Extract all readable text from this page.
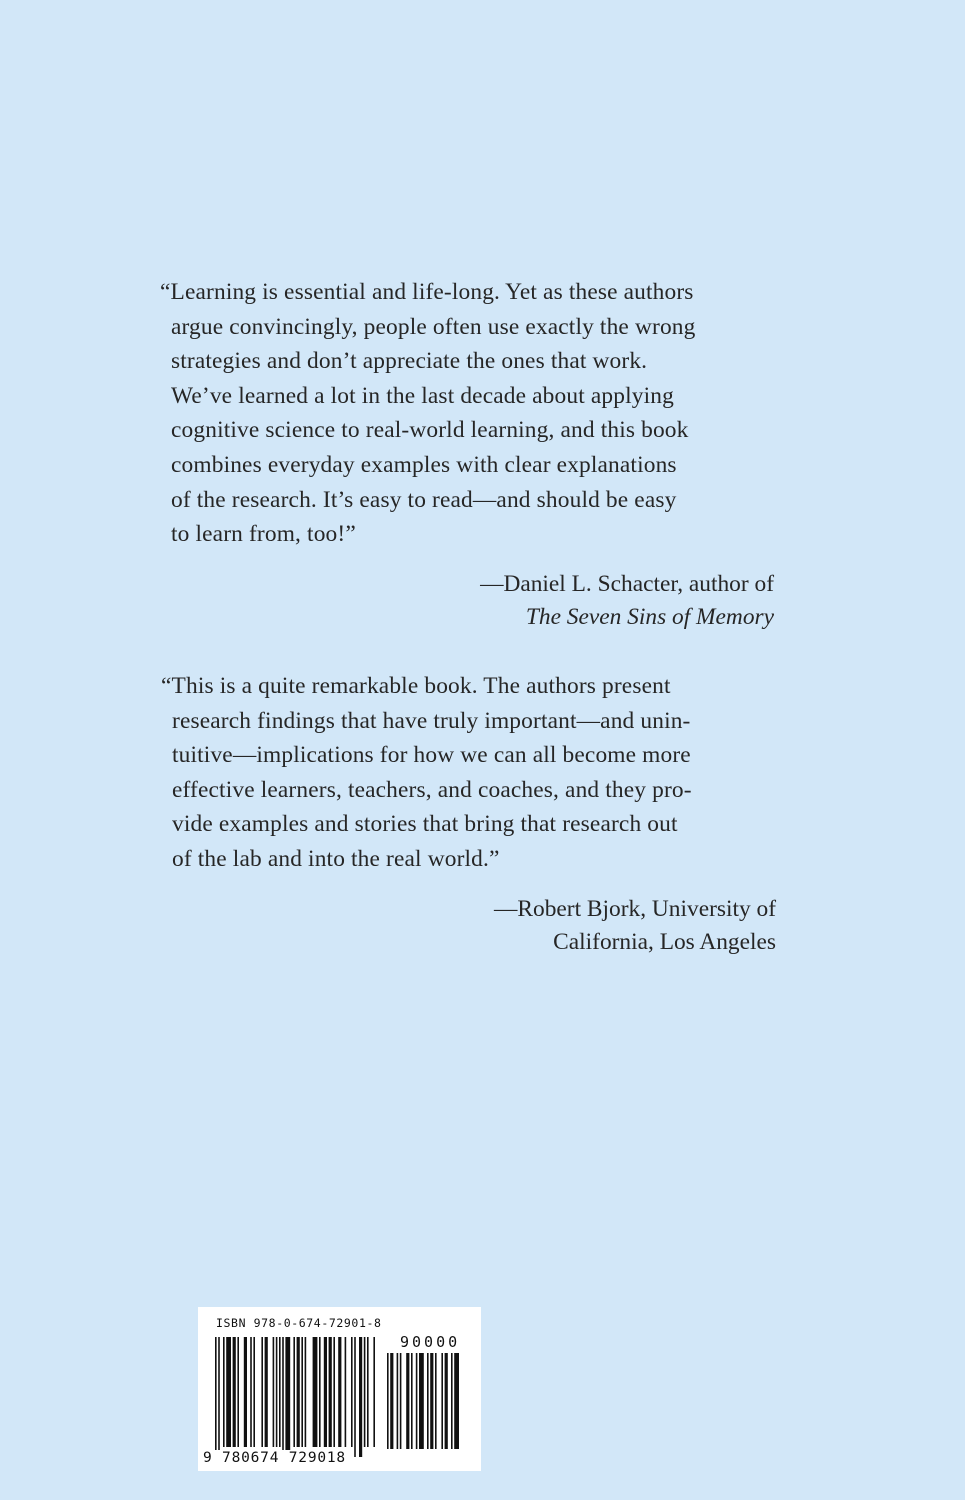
“Learning is essential and life-long. Yet as these authors
argue convincingly, people often use exactly the wrong
strategies and don’t appreciate the ones that work.
We’ve learned a lot in the last decade about applying
cognitive science to real-world learning, and this book
combines everyday examples with clear explanations
of the research. It’s easy to read—and should be easy
to learn from, too!”
—Daniel L. Schacter, author of
The Seven Sins of Memory
“This is a quite remarkable book. The authors present
research findings that have truly important—and unin-
tuitive—implications for how we can all become more
effective learners, teachers, and coaches, and they pro-
vide examples and stories that bring that research out
of the lab and into the real world.”
—Robert Bjork, University of
California, Los Angeles
ISBN 978-0-674-72901-8
90000
9 780674 729018
